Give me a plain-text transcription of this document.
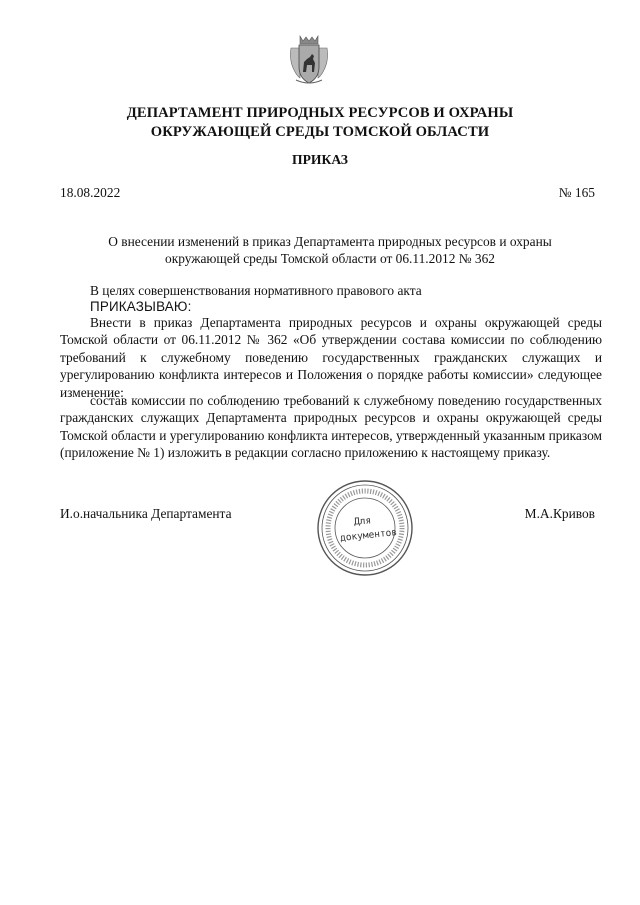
ДЕПАРТАМЕНТ ПРИРОДНЫХ РЕСУРСОВ И ОХРАНЫ
ОКРУЖАЮЩЕЙ СРЕДЫ ТОМСКОЙ ОБЛАСТИ
ПРИКАЗ
18.08.2022	№ 165
О внесении изменений в приказ Департамента природных ресурсов и охраны
окружающей среды Томской области от 06.11.2012 № 362
В целях совершенствования нормативного правового акта
ПРИКАЗЫВАЮ:
Внести в приказ Департамента природных ресурсов и охраны окружающей среды Томской области от 06.11.2012 № 362 «Об утверждении состава комиссии по соблюдению требований к служебному поведению государственных гражданских служащих и урегулированию конфликта интересов и Положения о порядке работы комиссии» следующее изменение:
состав комиссии по соблюдению требований к служебному поведению государственных гражданских служащих Департамента природных ресурсов и охраны окружающей среды Томской области и урегулированию конфликта интересов, утвержденный указанным приказом (приложение № 1) изложить в редакции согласно приложению к настоящему приказу.
И.о.начальника Департамента	М.А.Кривов
Для
документов
